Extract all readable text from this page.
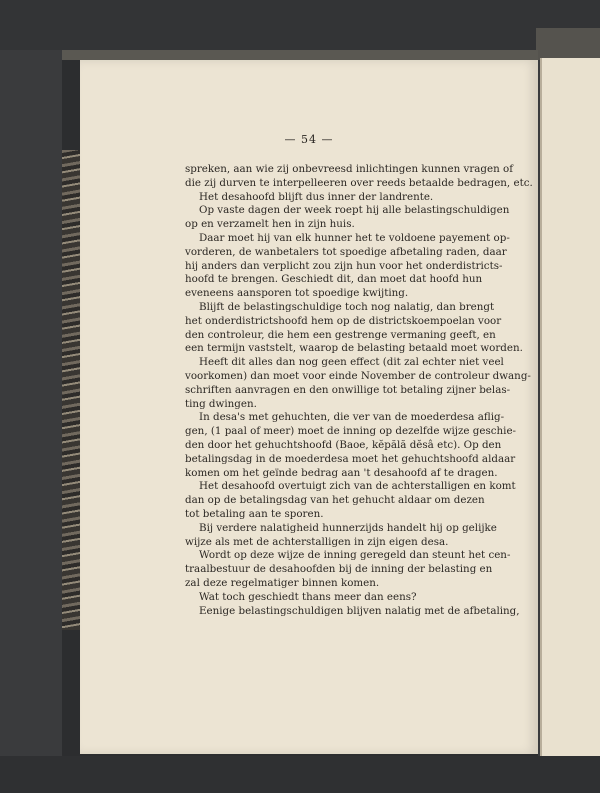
— 54 —

spreken, aan wie zij onbevreesd inlichtingen kunnen vragen of

die zij durven te interpelleeren over reeds betaalde bedragen, etc.

Het desahoofd blijft dus inner der landrente.

Op vaste dagen der week roept hij alle belastingschuldigen

op en verzamelt hen in zijn huis.

Daar moet hij van elk hunner het te voldoene payement op-

vorderen, de wanbetalers tot spoedige afbetaling raden, daar

hij anders dan verplicht zou zijn hun voor het onderdistricts-

hoofd te brengen. Geschiedt dit, dan moet dat hoofd hun

eveneens aansporen tot spoedige kwijting.

Blijft de belastingschuldige toch nog nalatig, dan brengt

het onderdistrictshoofd hem op de districtskoempoelan voor

den controleur, die hem een gestrenge vermaning geeft, en

een termijn vaststelt, waarop de belasting betaald moet worden.

Heeft dit alles dan nog geen effect (dit zal echter niet veel

voorkomen) dan moet voor einde November de controleur dwang-

schriften aanvragen en den onwillige tot betaling zijner belas-

ting dwingen.

In desa's met gehuchten, die ver van de moederdesa aflig-

gen, (1 paal of meer) moet de inning op dezelfde wijze geschie-

den door het gehuchtshoofd (Baoe, kĕpălă dĕsâ etc). Op den

betalingsdag in de moederdesa moet het gehuchtshoofd aldaar

komen om het geïnde bedrag aan 't desahoofd af te dragen.

Het desahoofd overtuigt zich van de achterstalligen en komt

dan op de betalingsdag van het gehucht aldaar om dezen

tot betaling aan te sporen.

Bij verdere nalatigheid hunnerzijds handelt hij op gelijke

wijze als met de achterstalligen in zijn eigen desa.

Wordt op deze wijze de inning geregeld dan steunt het cen-

traalbestuur de desahoofden bij de inning der belasting en

zal deze regelmatiger binnen komen.

Wat toch geschiedt thans meer dan eens?

Eenige belastingschuldigen blijven nalatig met de afbetaling,
